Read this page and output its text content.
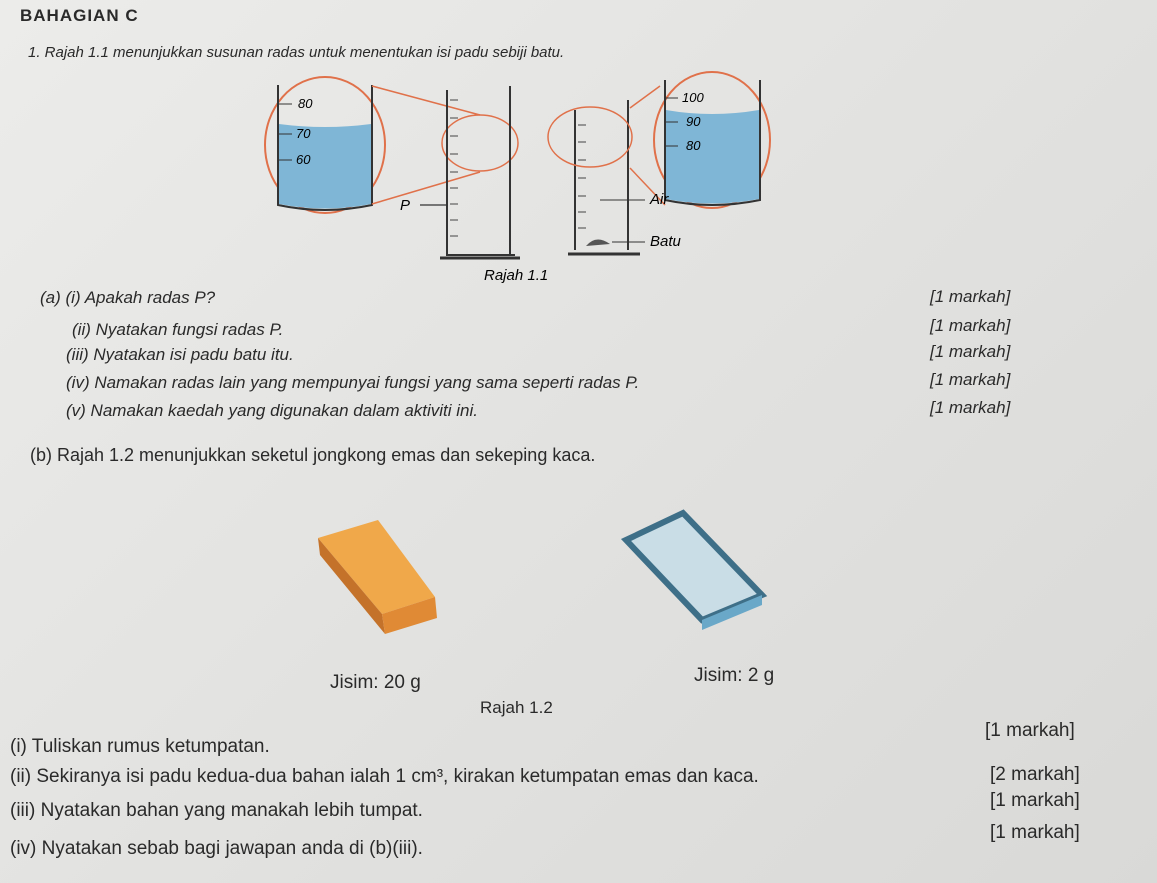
BAHAGIAN C
1. Rajah 1.1 menunjukkan susunan radas untuk menentukan isi padu sebiji batu.
80
70
60
100
90
80
P	Air
Batu
Rajah 1.1
(a) (i) Apakah radas P?	[1 markah]
(ii) Nyatakan fungsi radas P.	[1 markah]
(iii) Nyatakan isi padu batu itu.	[1 markah]
(iv) Namakan radas lain yang mempunyai fungsi yang sama seperti radas P.	[1 markah]
(v) Namakan kaedah yang digunakan dalam aktiviti ini.	[1 markah]
(b) Rajah 1.2 menunjukkan seketul jongkong emas dan sekeping kaca.
Jisim: 20 g	Jisim: 2 g
Rajah 1.2
(i) Tuliskan rumus ketumpatan.
[1 markah]
(ii) Sekiranya isi padu kedua-dua bahan ialah 1 cm³, kirakan ketumpatan emas dan kaca.	[2 markah]
(iii) Nyatakan bahan yang manakah lebih tumpat.	[1 markah]
(iv) Nyatakan sebab bagi jawapan anda di (b)(iii).
[1 markah]
